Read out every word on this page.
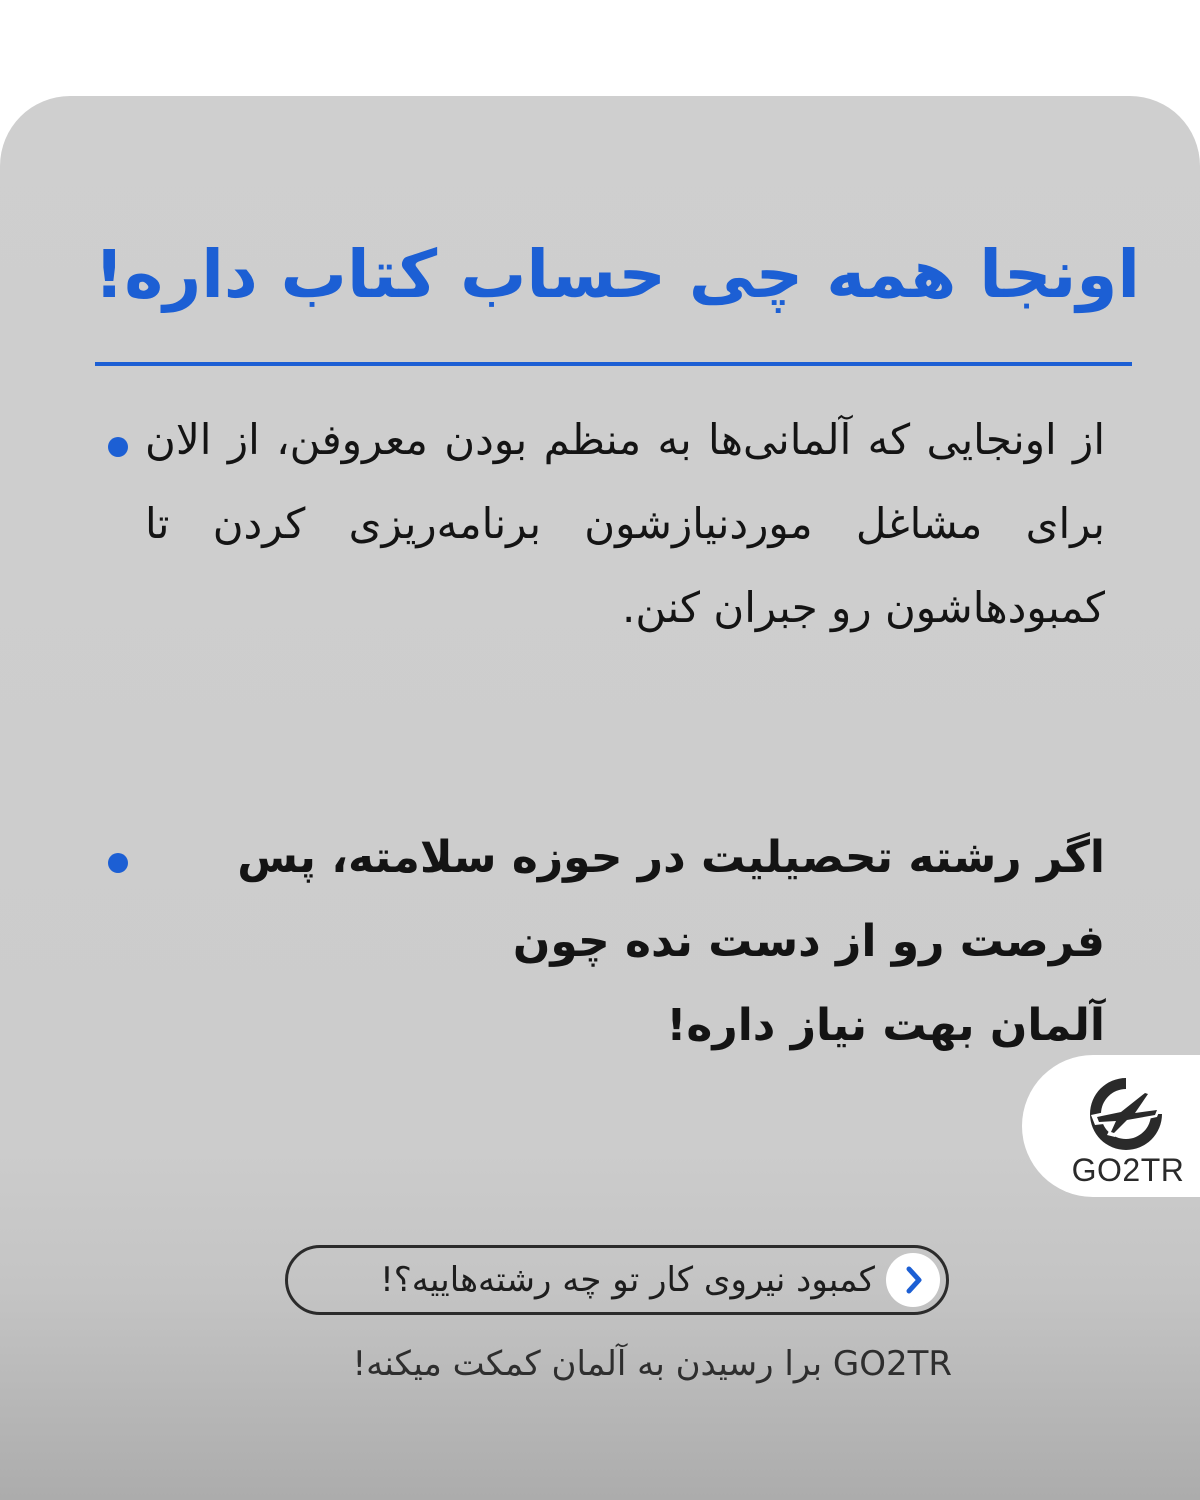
اونجا همه چی حساب کتاب داره!
از اونجایی که آلمانی‌ها به منظم بودن معروفن، از الان برای مشاغل موردنیازشون برنامه‌ریزی کردن تا کمبودهاشون رو جبران کنن.
اگر رشته تحصیلیت در حوزه سلامته، پس
فرصت رو از دست نده چون
آلمان بهت نیاز داره!
GO2TR
کمبود نیروی کار تو چه رشته‌هاییه؟!
GO2TR برا رسیدن به آلمان کمکت میکنه!
